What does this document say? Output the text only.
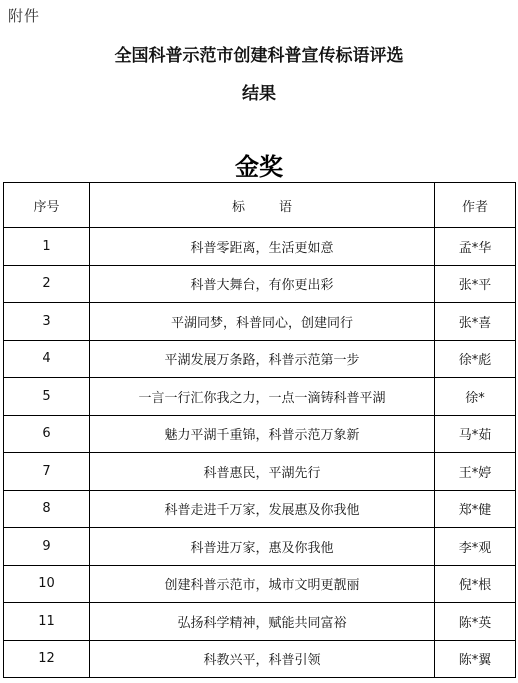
附件
全国科普示范市创建科普宣传标语评选
结果
金奖
序号	标 语	作者
1	科普零距离，生活更如意	孟*华
2	科普大舞台，有你更出彩	张*平
3	平湖同梦，科普同心，创建同行	张*喜
4	平湖发展万条路，科普示范第一步	徐*彪
5	一言一行汇你我之力，一点一滴铸科普平湖	徐*
6	魅力平湖千重锦，科普示范万象新	马*茹
7	科普惠民，平湖先行	王*婷
8	科普走进千万家，发展惠及你我他	郑*健
9	科普进万家，惠及你我他	李*观
10	创建科普示范市，城市文明更靓丽	倪*根
11	弘扬科学精神，赋能共同富裕	陈*英
12	科教兴平，科普引领	陈*翼
